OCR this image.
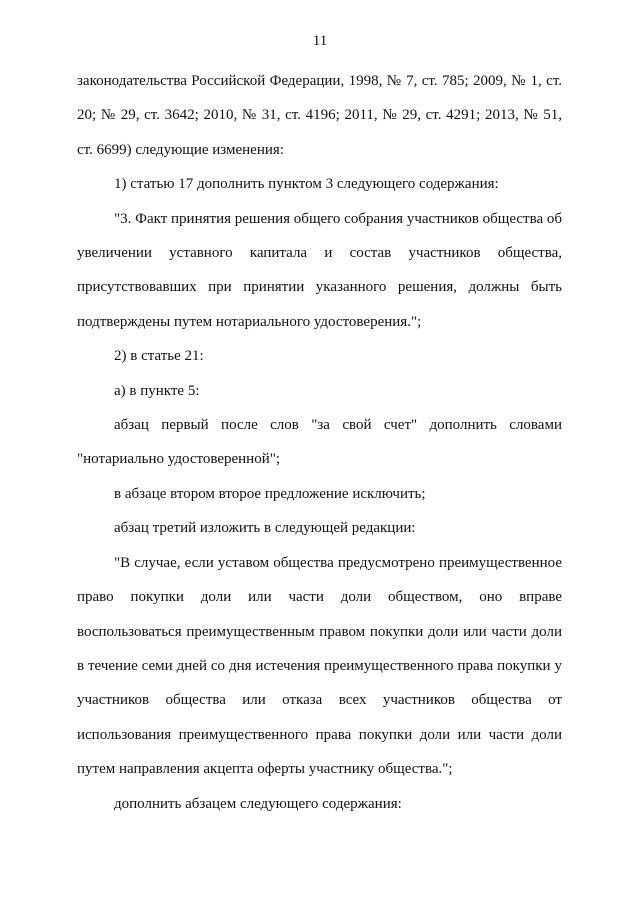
11

законодательства Российской Федерации, 1998, № 7, ст. 785; 2009, № 1, ст. 20; № 29, ст. 3642; 2010, № 31, ст. 4196; 2011, № 29, ст. 4291; 2013, № 51, ст. 6699) следующие изменения:

1) статью 17 дополнить пунктом 3 следующего содержания:

"3. Факт принятия решения общего собрания участников общества об увеличении уставного капитала и состав участников общества, присутствовавших при принятии указанного решения, должны быть подтверждены путем нотариального удостоверения.";

2) в статье 21:

а) в пункте 5:

абзац первый после слов "за свой счет" дополнить словами "нотариально удостоверенной";

в абзаце втором второе предложение исключить;

абзац третий изложить в следующей редакции:

"В случае, если уставом общества предусмотрено преимущественное право покупки доли или части доли обществом, оно вправе воспользоваться преимущественным правом покупки доли или части доли в течение семи дней со дня истечения преимущественного права покупки у участников общества или отказа всех участников общества от использования преимущественного права покупки доли или части доли путем направления акцепта оферты участнику общества.";

дополнить абзацем следующего содержания:
